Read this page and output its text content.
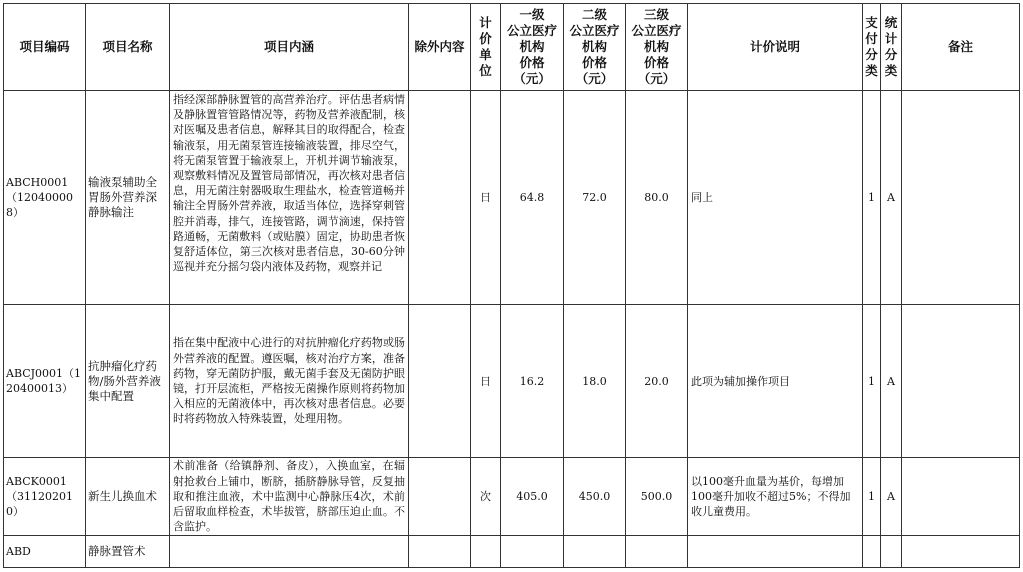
项目编码	项目名称	项目内涵	除外内容	计
价
单
位	一级
公立医疗
机构
价格
（元）	二级
公立医疗
机构
价格
（元）	三级
公立医疗
机构
价格
（元）	计价说明	支
付
分
类	统
计
分
类	备注
ABCH0001（120400008）	输液泵辅助全胃肠外营养深静脉输注	指经深部静脉置管的高营养治疗。评估患者病情及静脉置管管路情况等，药物及营养液配制，核对医嘱及患者信息，解释其目的取得配合，检查输液泵，用无菌泵管连接输液装置，排尽空气，将无菌泵管置于输液泵上，开机并调节输液泵，观察敷料情况及置管局部情况，再次核对患者信息，用无菌注射器吸取生理盐水，检查管道畅并输注全胃肠外营养液，取适当体位，选择穿刺管腔并消毒，排气，连接管路，调节滴速，保持管路通畅，无菌敷料（或贴膜）固定，协助患者恢复舒适体位，第三次核对患者信息，30-60分钟巡视并充分摇匀袋内液体及药物，观察并记		日	64.8	72.0	80.0	同上	1	A	
ABCJ0001（120400013）	抗肿瘤化疗药物/肠外营养液集中配置	指在集中配液中心进行的对抗肿瘤化疗药物或肠外营养液的配置。遵医嘱，核对治疗方案，准备药物，穿无菌防护服，戴无菌手套及无菌防护眼镜，打开层流柜，严格按无菌操作原则将药物加入相应的无菌液体中，再次核对患者信息。必要时将药物放入特殊装置，处理用物。		日	16.2	18.0	20.0	此项为辅加操作项目	1	A	
ABCK0001（311202010）	新生儿换血术	术前准备（给镇静剂、备皮），入换血室，在辐射抢救台上铺巾，断脐，插脐静脉导管，反复抽取和推注血液，术中监测中心静脉压4次，术前后留取血样检查，术毕拔管，脐部压迫止血。不含监护。		次	405.0	450.0	500.0	以100毫升血量为基价，每增加100毫升加收不超过5%；不得加收儿童费用。	1	A	
ABD	静脉置管术										
